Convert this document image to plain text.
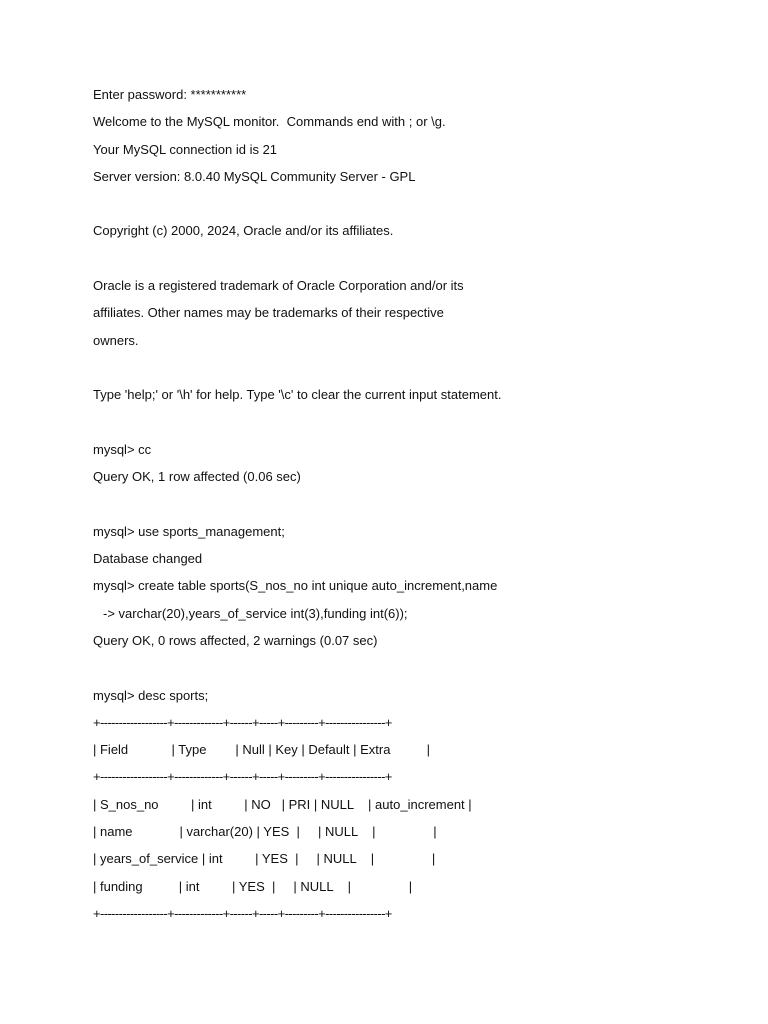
Enter password: ***********
Welcome to the MySQL monitor.  Commands end with ; or \g.
Your MySQL connection id is 21
Server version: 8.0.40 MySQL Community Server - GPL
Copyright (c) 2000, 2024, Oracle and/or its affiliates.
Oracle is a registered trademark of Oracle Corporation and/or its
affiliates. Other names may be trademarks of their respective
owners.
Type 'help;' or '\h' for help. Type '\c' to clear the current input statement.
mysql> cc
Query OK, 1 row affected (0.06 sec)
mysql> use sports_management;
Database changed
mysql> create table sports(S_nos_no int unique auto_increment,name
-> varchar(20),years_of_service int(3),funding int(6));
Query OK, 0 rows affected, 2 warnings (0.07 sec)
mysql> desc sports;
+------------------+-------------+------+-----+---------+----------------+
| Field            | Type        | Null | Key | Default | Extra          |
+------------------+-------------+------+-----+---------+----------------+
| S_nos_no         | int         | NO   | PRI | NULL    | auto_increment |
| name             | varchar(20) | YES  |     | NULL    |                |
| years_of_service | int         | YES  |     | NULL    |                |
| funding          | int         | YES  |     | NULL    |                |
+------------------+-------------+------+-----+---------+----------------+
